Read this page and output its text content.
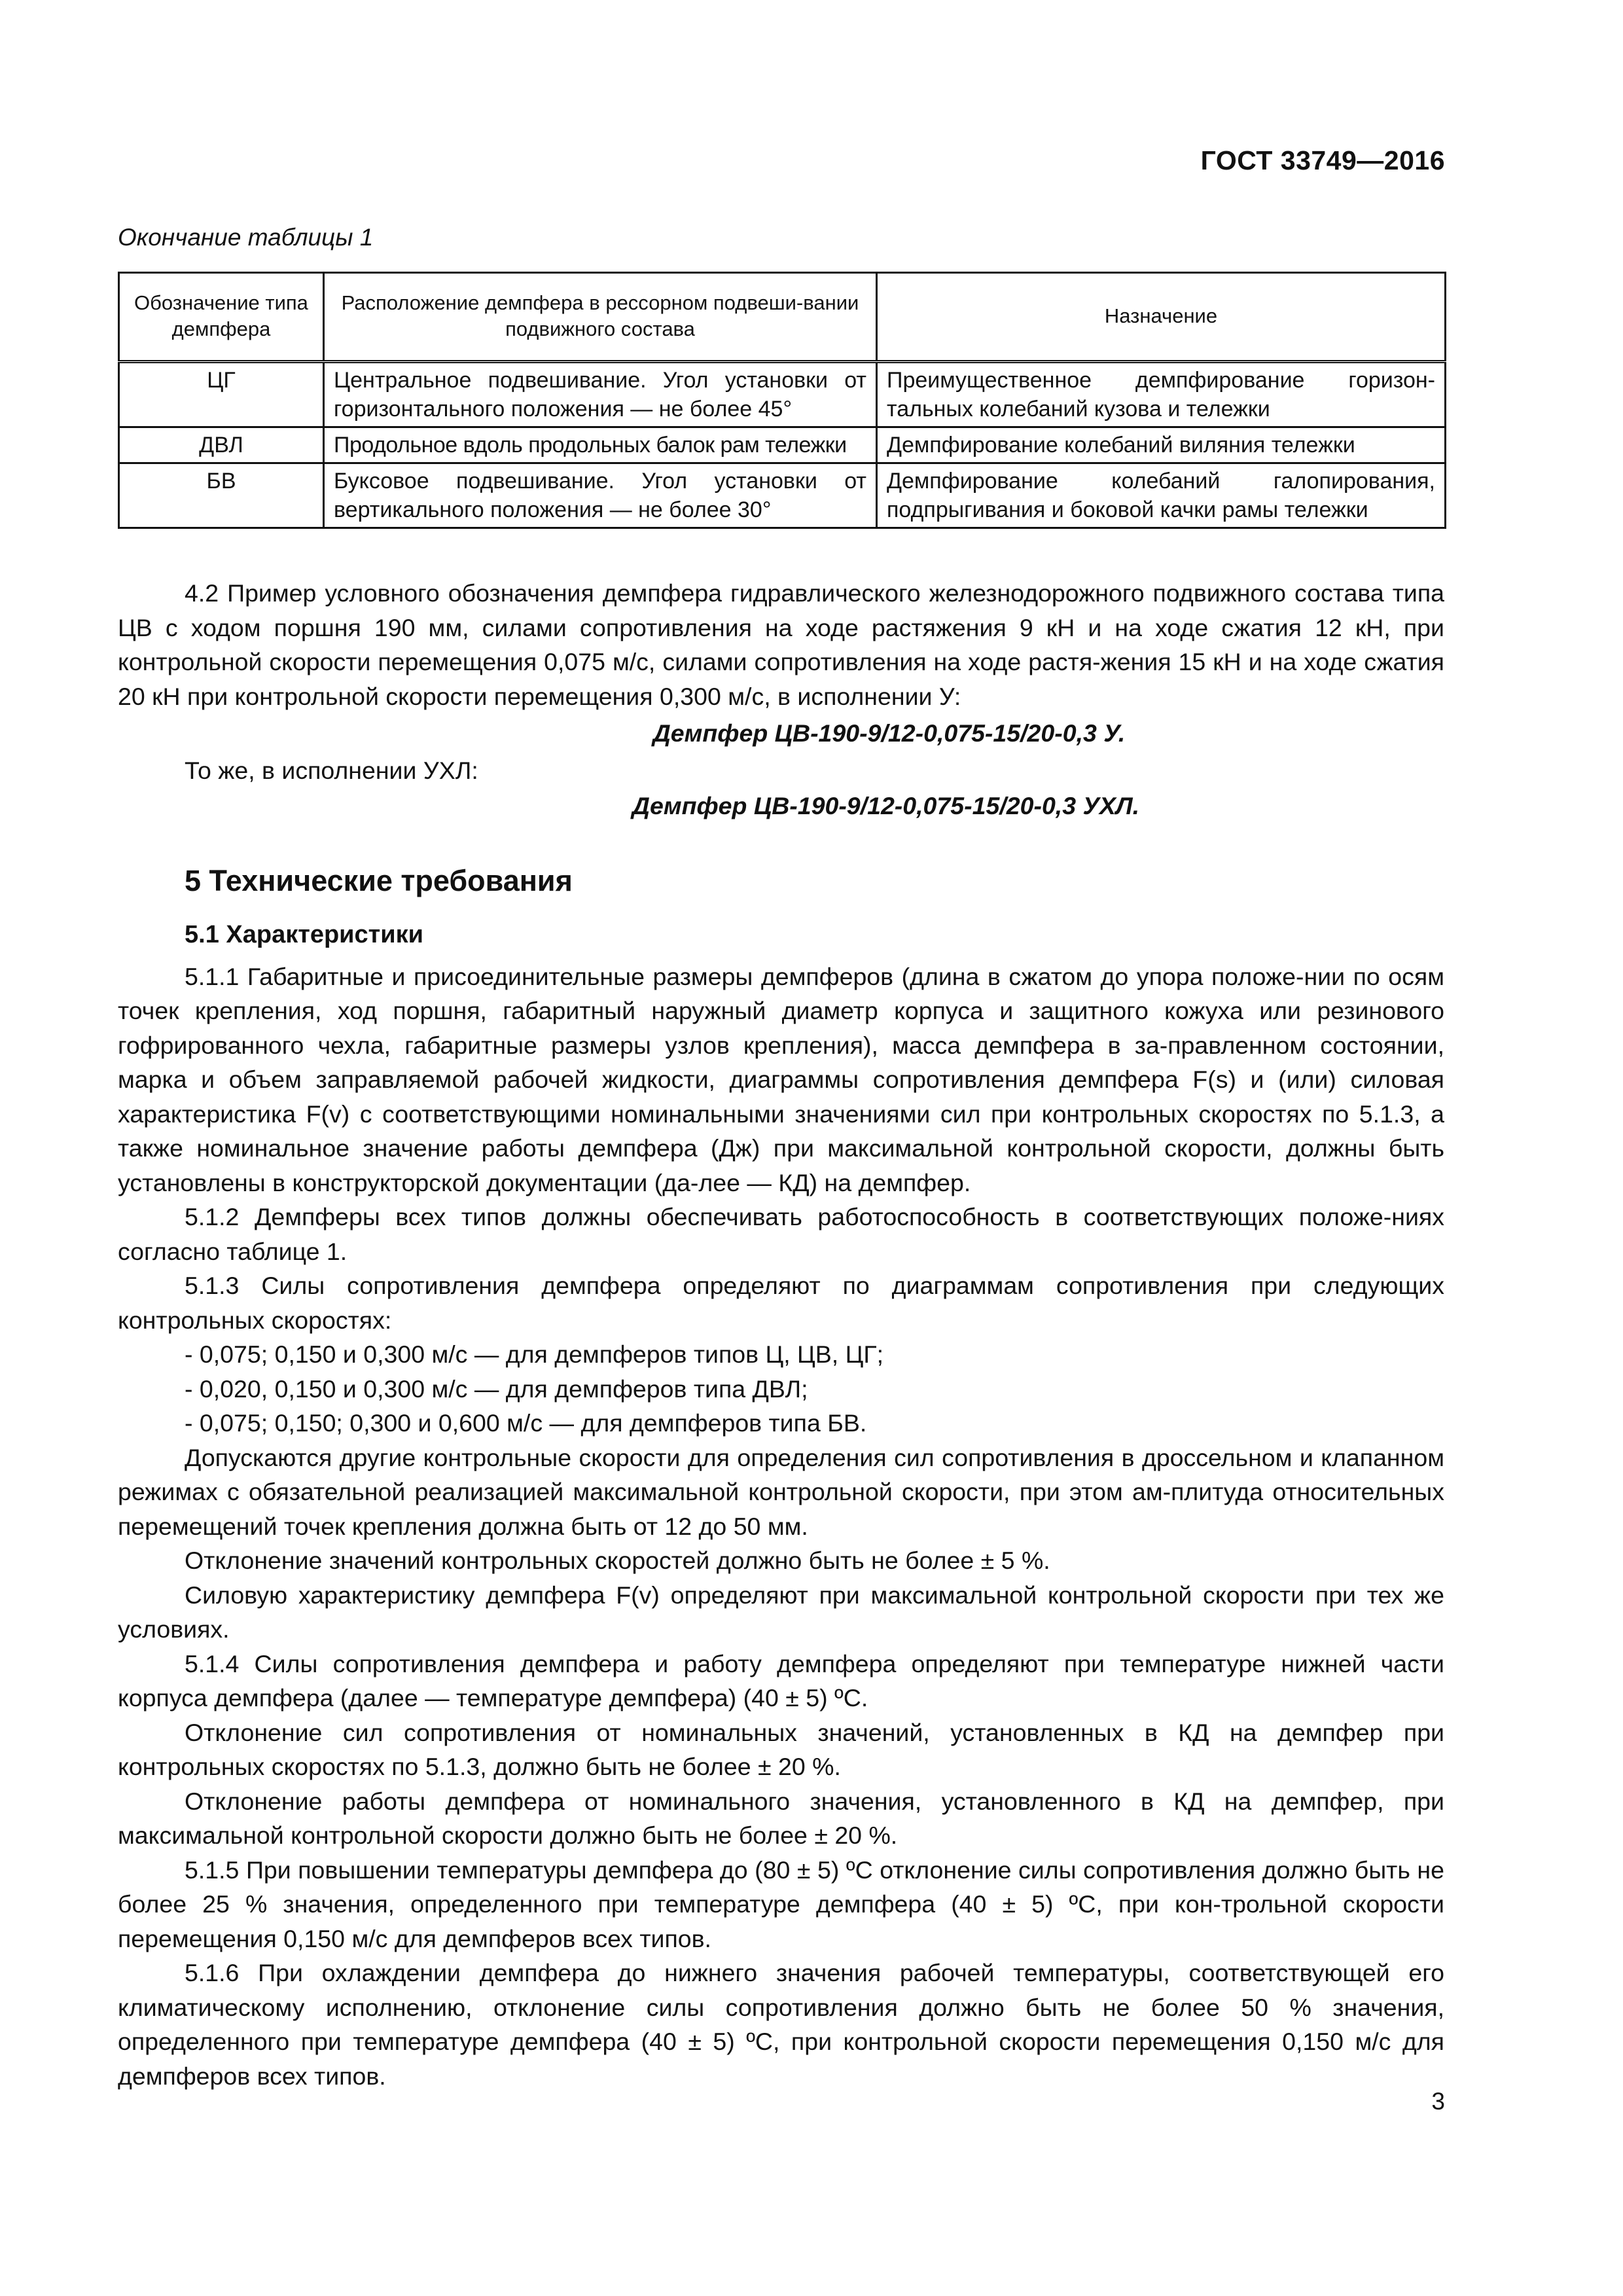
ГОСТ 33749—2016
Окончание таблицы 1
Обозначение типа демпфера	Расположение демпфера в рессорном подвеши-вании подвижного состава	Назначение
ЦГ	Центральное подвешивание. Угол установки от горизонтального положения — не более 45°	Преимущественное демпфирование горизон-тальных колебаний кузова и тележки
ДВЛ	Продольное вдоль продольных балок рам тележки	Демпфирование колебаний виляния тележки
БВ	Буксовое подвешивание. Угол установки от вертикального положения — не более 30°	Демпфирование колебаний галопирования, подпрыгивания и боковой качки рамы тележки

4.2 Пример условного обозначения демпфера гидравлического железнодорожного подвижного состава типа ЦВ с ходом поршня 190 мм, силами сопротивления на ходе растяжения 9 кН и на ходе сжатия 12 кН, при контрольной скорости перемещения 0,075 м/с, силами сопротивления на ходе растя-жения 15 кН и на ходе сжатия 20 кН при контрольной скорости перемещения 0,300 м/с, в исполнении У:

Демпфер ЦВ-190-9/12-0,075-15/20-0,3 У.

То же, в исполнении УХЛ:

Демпфер ЦВ-190-9/12-0,075-15/20-0,3 УХЛ.
5 Технические требования
5.1 Характеристики

5.1.1 Габаритные и присоединительные размеры демпферов (длина в сжатом до упора положе-нии по осям точек крепления, ход поршня, габаритный наружный диаметр корпуса и защитного кожуха или резинового гофрированного чехла, габаритные размеры узлов крепления), масса демпфера в за-правленном состоянии, марка и объем заправляемой рабочей жидкости, диаграммы сопротивления демпфера F(s) и (или) силовая характеристика F(v) с соответствующими номинальными значениями сил при контрольных скоростях по 5.1.3, а также номинальное значение работы демпфера (Дж) при максимальной контрольной скорости, должны быть установлены в конструкторской документации (да-лее — КД) на демпфер.

5.1.2 Демпферы всех типов должны обеспечивать работоспособность в соответствующих положе-ниях согласно таблице 1.

5.1.3 Силы сопротивления демпфера определяют по диаграммам сопротивления при следующих контрольных скоростях:

- 0,075; 0,150 и 0,300 м/с — для демпферов типов Ц, ЦВ, ЦГ;

- 0,020, 0,150 и 0,300 м/с — для демпферов типа ДВЛ;

- 0,075; 0,150; 0,300 и 0,600 м/с — для демпферов типа БВ.

Допускаются другие контрольные скорости для определения сил сопротивления в дроссельном и клапанном режимах с обязательной реализацией максимальной контрольной скорости, при этом ам-плитуда относительных перемещений точек крепления должна быть от 12 до 50 мм.

Отклонение значений контрольных скоростей должно быть не более ± 5 %.

Силовую характеристику демпфера F(v) определяют при максимальной контрольной скорости при тех же условиях.

5.1.4 Силы сопротивления демпфера и работу демпфера определяют при температуре нижней части корпуса демпфера (далее — температуре демпфера) (40 ± 5) ºС.

Отклонение сил сопротивления от номинальных значений, установленных в КД на демпфер при контрольных скоростях по 5.1.3, должно быть не более ± 20 %.

Отклонение работы демпфера от номинального значения, установленного в КД на демпфер, при максимальной контрольной скорости должно быть не более ± 20 %.

5.1.5 При повышении температуры демпфера до (80 ± 5) ºС отклонение силы сопротивления должно быть не более 25 % значения, определенного при температуре демпфера (40 ± 5) ºС, при кон-трольной скорости перемещения 0,150 м/с для демпферов всех типов.

5.1.6 При охлаждении демпфера до нижнего значения рабочей температуры, соответствующей его климатическому исполнению, отклонение силы сопротивления должно быть не более 50 % значения, определенного при температуре демпфера (40 ± 5) ºС, при контрольной скорости перемещения 0,150 м/с для демпферов всех типов.

3
